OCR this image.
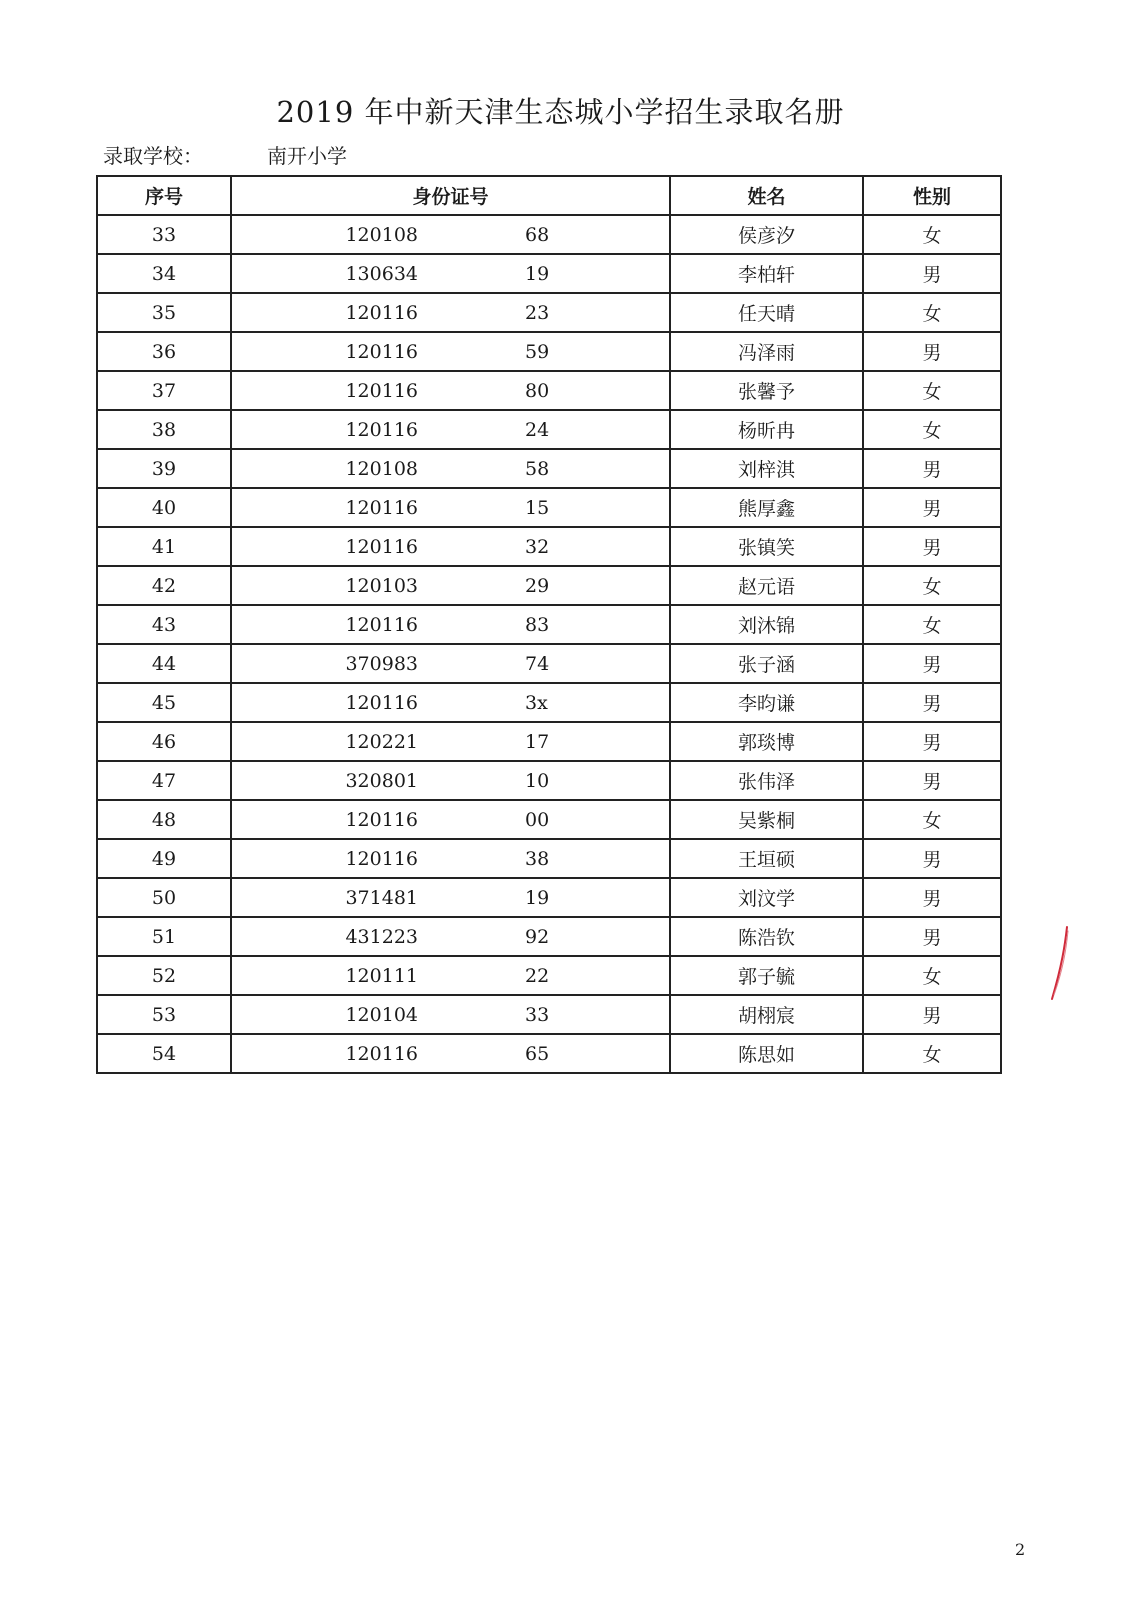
2019 年中新天津生态城小学招生录取名册
录取学校：	南开小学
序号	身份证号	姓名	性别
33	120108 68	侯彦汐	女
34	130634 19	李柏轩	男
35	120116 23	任天晴	女
36	120116 59	冯泽雨	男
37	120116 80	张馨予	女
38	120116 24	杨昕冉	女
39	120108 58	刘梓淇	男
40	120116 15	熊厚鑫	男
41	120116 32	张镇笑	男
42	120103 29	赵元语	女
43	120116 83	刘沐锦	女
44	370983 74	张子涵	男
45	120116 3x	李昀谦	男
46	120221 17	郭琰博	男
47	320801 10	张伟泽	男
48	120116 00	吴紫桐	女
49	120116 38	王垣硕	男
50	371481 19	刘汶学	男
51	431223 92	陈浩钦	男
52	120111 22	郭子毓	女
53	120104 33	胡栩宸	男
54	120116 65	陈思如	女
2
